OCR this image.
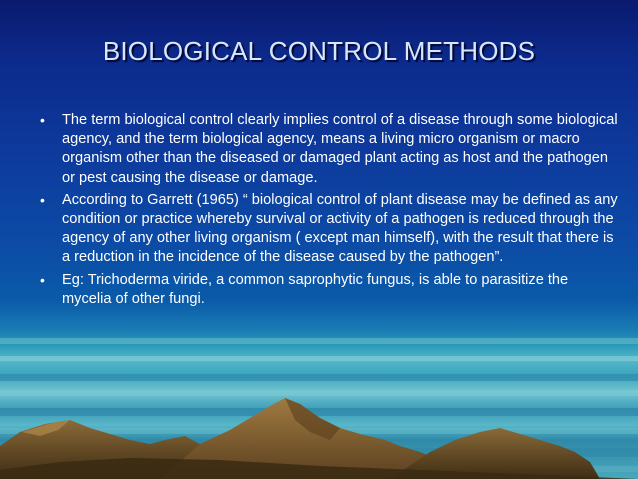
BIOLOGICAL CONTROL METHODS
• The term biological control clearly implies control of a disease through some biological agency, and the term biological agency, means a living micro organism or macro organism other than the diseased or damaged plant acting as host and the pathogen or pest causing the disease or damage.
• According to Garrett (1965) “ biological control of plant disease may be defined as any condition or practice whereby survival or activity of a pathogen is reduced through the agency of any other living organism ( except man himself), with the result that there is a reduction in the incidence of the disease caused by the pathogen”.
• Eg: Trichoderma viride, a common saprophytic fungus, is able to parasitize the mycelia of other fungi.
